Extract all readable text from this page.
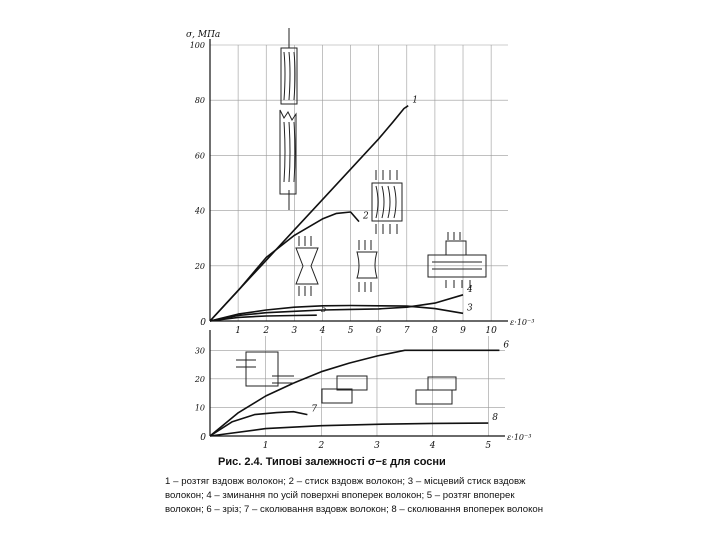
1 2 3 4 5 6 7 8 9 10
20
40
60
80
100
0	ε·10⁻³
σ, МПа
1
2
3
4
5
1	2	3	4	5
10
20
30
0	ε·10⁻³
6
7
8
Рис. 2.4. Типові залежності σ−ε для сосни
1 – розтяг вздовж волокон; 2 – стиск вздовж волокон; 3 – місцевий стиск вздовж
волокон; 4 – зминання по усій поверхні впоперек волокон; 5 – розтяг впоперек
волокон; 6 – зріз; 7 – сколювання вздовж волокон; 8 – сколювання впоперек волокон
